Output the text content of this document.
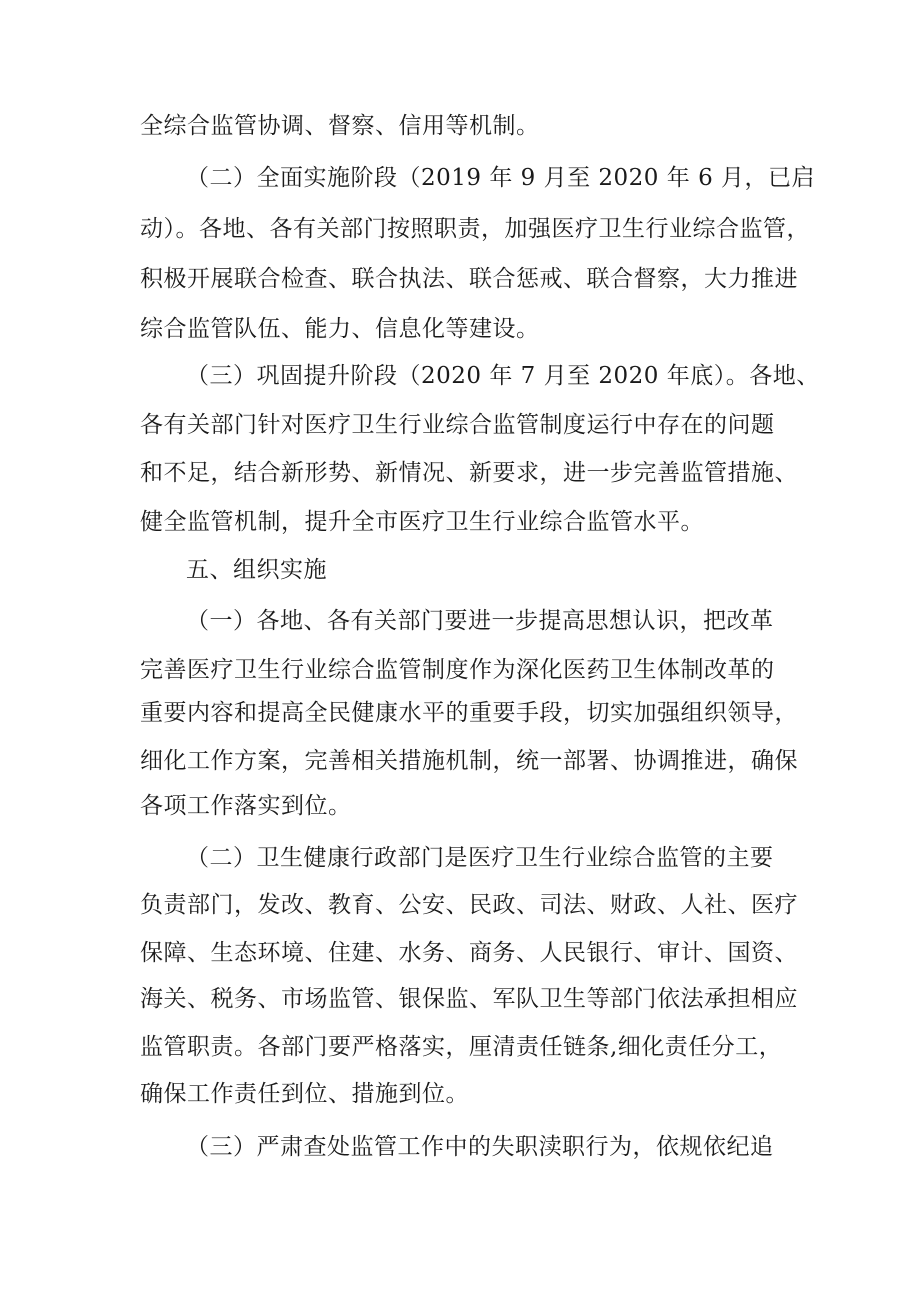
全综合监管协调、督察、信用等机制。
（二）全面实施阶段（2019 年 9 月至 2020 年 6 月，已启
动）。各地、各有关部门按照职责，加强医疗卫生行业综合监管，
积极开展联合检查、联合执法、联合惩戒、联合督察，大力推进
综合监管队伍、能力、信息化等建设。
（三）巩固提升阶段（2020 年 7 月至 2020 年底）。各地、
各有关部门针对医疗卫生行业综合监管制度运行中存在的问题
和不足，结合新形势、新情况、新要求，进一步完善监管措施、
健全监管机制，提升全市医疗卫生行业综合监管水平。
五、组织实施
（一）各地、各有关部门要进一步提高思想认识，把改革
完善医疗卫生行业综合监管制度作为深化医药卫生体制改革的
重要内容和提高全民健康水平的重要手段，切实加强组织领导，
细化工作方案，完善相关措施机制，统一部署、协调推进，确保
各项工作落实到位。
（二）卫生健康行政部门是医疗卫生行业综合监管的主要
负责部门，发改、教育、公安、民政、司法、财政、人社、医疗
保障、生态环境、住建、水务、商务、人民银行、审计、国资、
海关、税务、市场监管、银保监、军队卫生等部门依法承担相应
监管职责。各部门要严格落实，厘清责任链条,细化责任分工，
确保工作责任到位、措施到位。
（三）严肃查处监管工作中的失职渎职行为，依规依纪追
